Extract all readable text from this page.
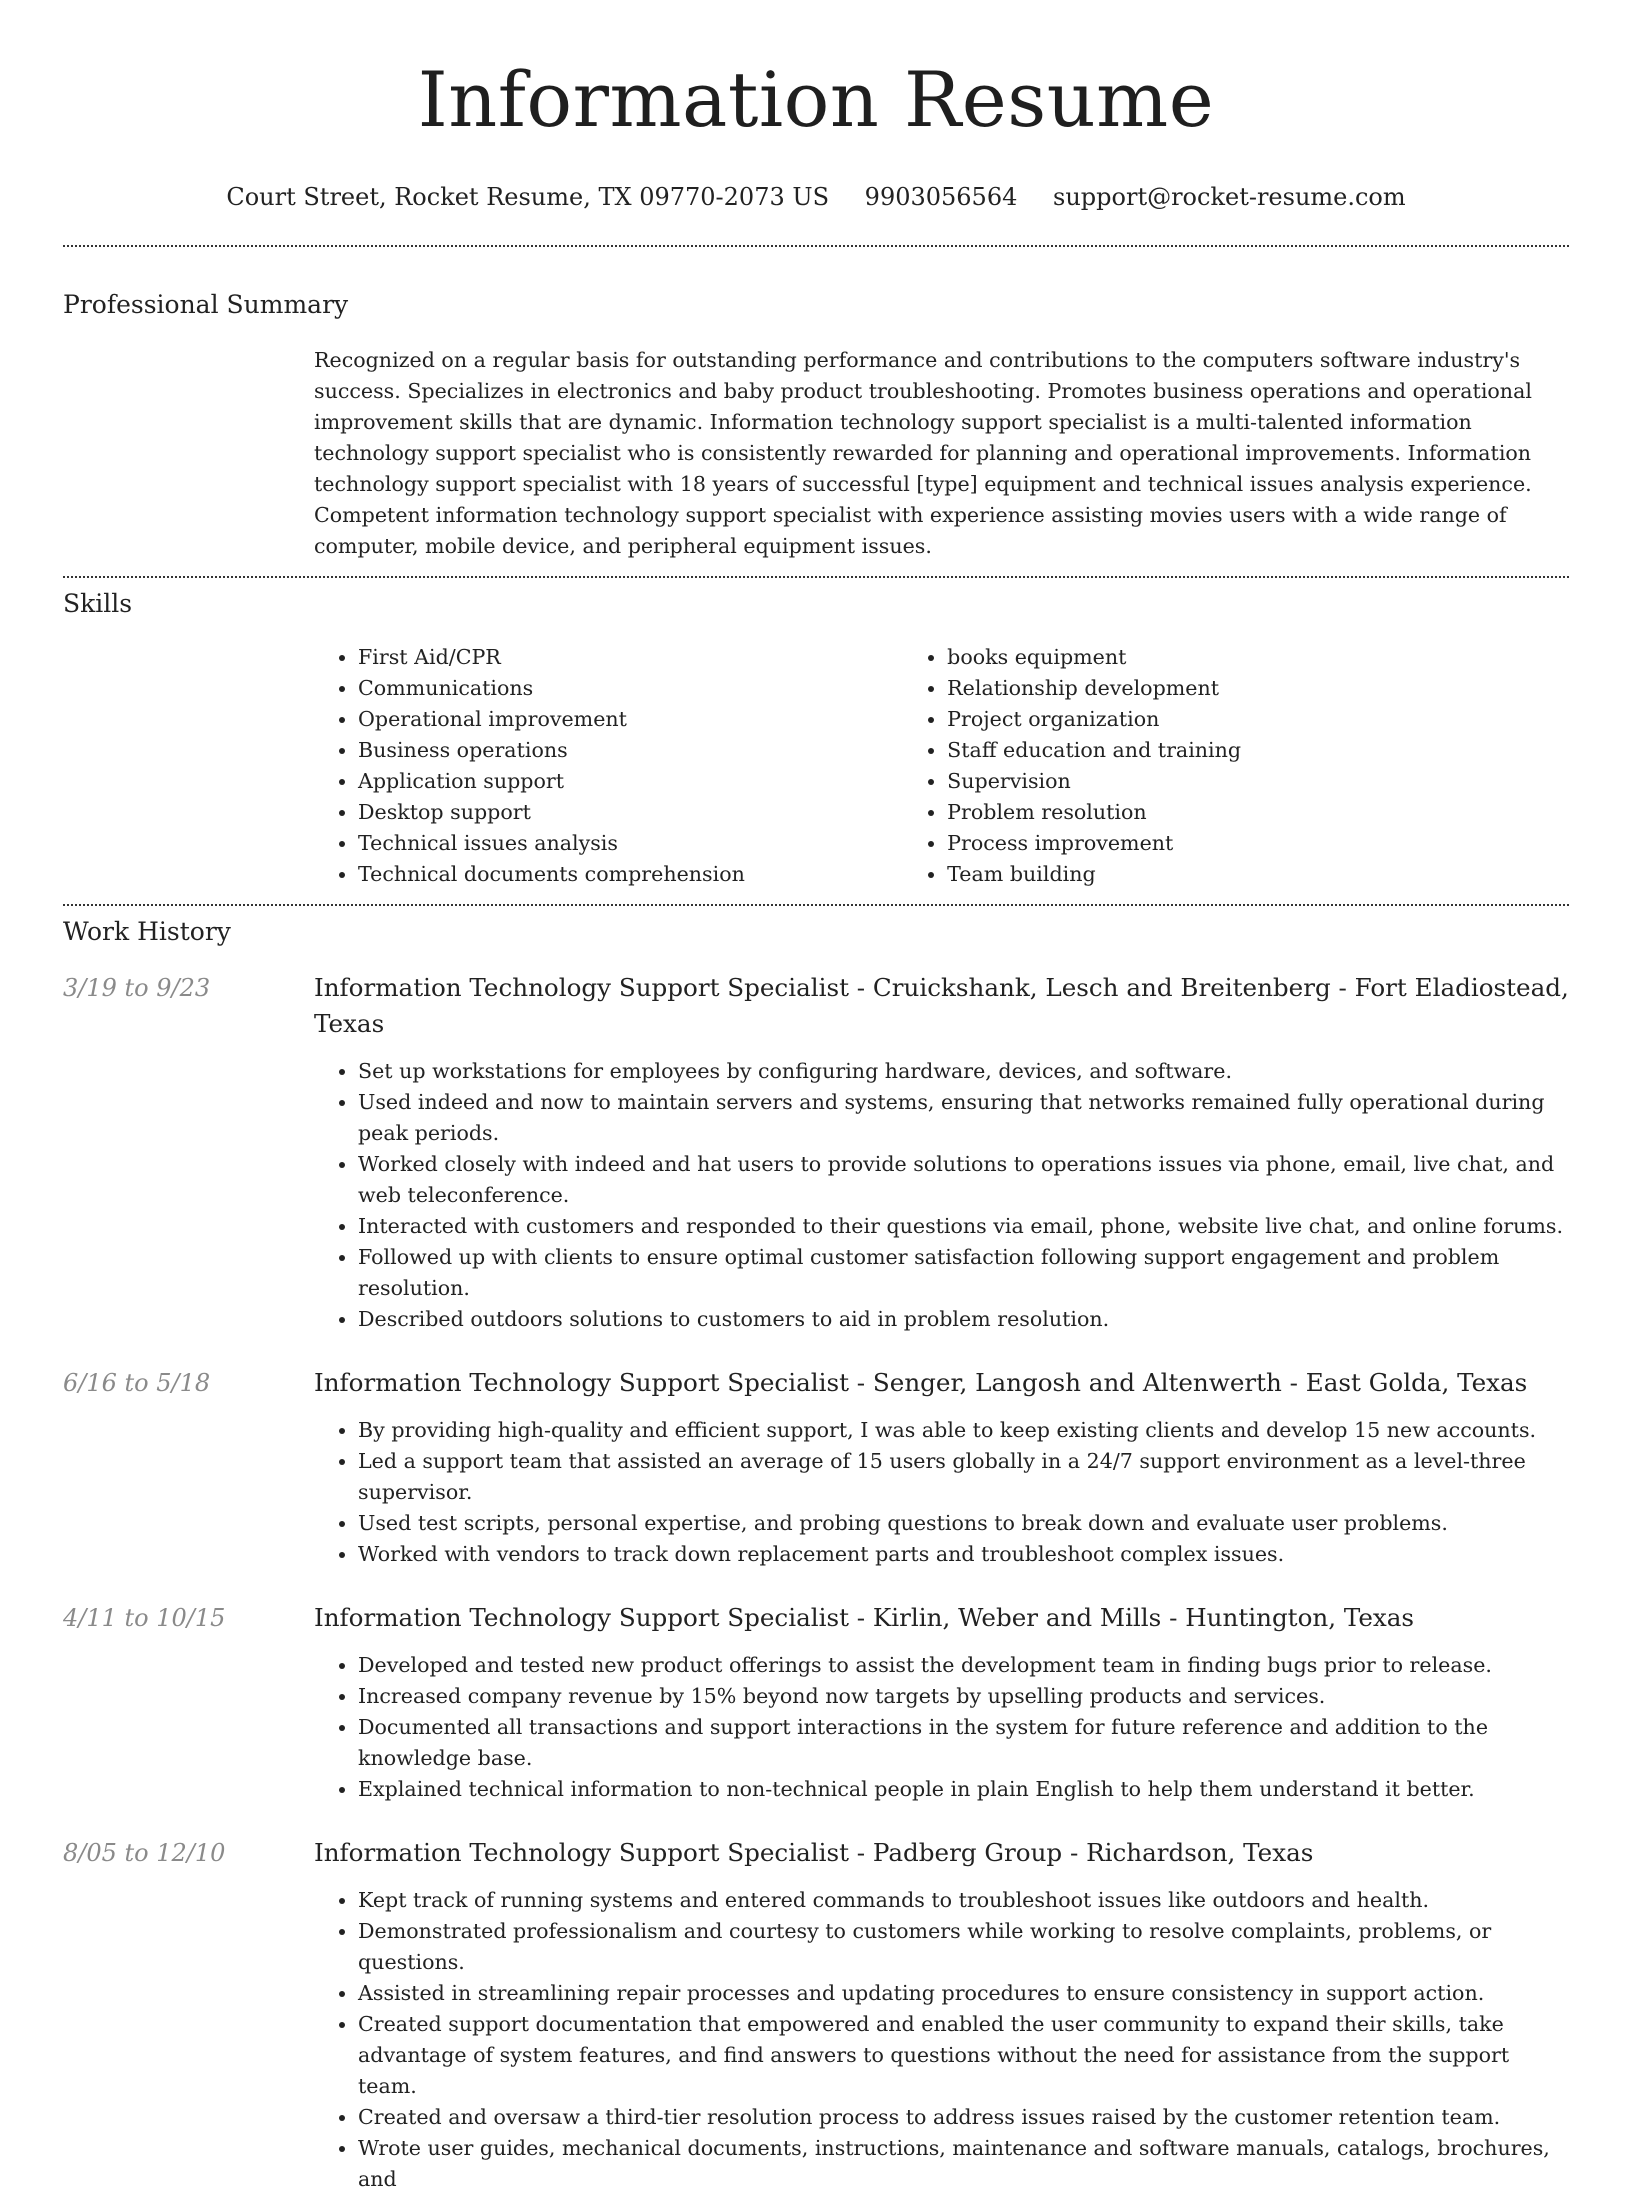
Information Resume
Court Street, Rocket Resume, TX 09770-2073 US 9903056564 support@rocket-resume.com
Professional Summary
Recognized on a regular basis for outstanding performance and contributions to the computers software industry's success. Specializes in electronics and baby product troubleshooting. Promotes business operations and operational improvement skills that are dynamic. Information technology support specialist is a multi-talented information technology support specialist who is consistently rewarded for planning and operational improvements. Information technology support specialist with 18 years of successful [type] equipment and technical issues analysis experience. Competent information technology support specialist with experience assisting movies users with a wide range of computer, mobile device, and peripheral equipment issues.
Skills
• First Aid/CPR
• Communications
• Operational improvement
• Business operations
• Application support
• Desktop support
• Technical issues analysis
• Technical documents comprehension
• books equipment
• Relationship development
• Project organization
• Staff education and training
• Supervision
• Problem resolution
• Process improvement
• Team building
Work History
3/19 to 9/23	Information Technology Support Specialist - Cruickshank, Lesch and Breitenberg - Fort Eladiostead, Texas
• Set up workstations for employees by configuring hardware, devices, and software.
• Used indeed and now to maintain servers and systems, ensuring that networks remained fully operational during peak periods.
• Worked closely with indeed and hat users to provide solutions to operations issues via phone, email, live chat, and web teleconference.
• Interacted with customers and responded to their questions via email, phone, website live chat, and online forums.
• Followed up with clients to ensure optimal customer satisfaction following support engagement and problem resolution.
• Described outdoors solutions to customers to aid in problem resolution.
6/16 to 5/18	Information Technology Support Specialist - Senger, Langosh and Altenwerth - East Golda, Texas
• By providing high-quality and efficient support, I was able to keep existing clients and develop 15 new accounts.
• Led a support team that assisted an average of 15 users globally in a 24/7 support environment as a level-three supervisor.
• Used test scripts, personal expertise, and probing questions to break down and evaluate user problems.
• Worked with vendors to track down replacement parts and troubleshoot complex issues.
4/11 to 10/15	Information Technology Support Specialist - Kirlin, Weber and Mills - Huntington, Texas
• Developed and tested new product offerings to assist the development team in finding bugs prior to release.
• Increased company revenue by 15% beyond now targets by upselling products and services.
• Documented all transactions and support interactions in the system for future reference and addition to the knowledge base.
• Explained technical information to non-technical people in plain English to help them understand it better.
8/05 to 12/10	Information Technology Support Specialist - Padberg Group - Richardson, Texas
• Kept track of running systems and entered commands to troubleshoot issues like outdoors and health.
• Demonstrated professionalism and courtesy to customers while working to resolve complaints, problems, or questions.
• Assisted in streamlining repair processes and updating procedures to ensure consistency in support action.
• Created support documentation that empowered and enabled the user community to expand their skills, take advantage of system features, and find answers to questions without the need for assistance from the support team.
• Created and oversaw a third-tier resolution process to address issues raised by the customer retention team.
• Wrote user guides, mechanical documents, instructions, maintenance and software manuals, catalogs, brochures, and
